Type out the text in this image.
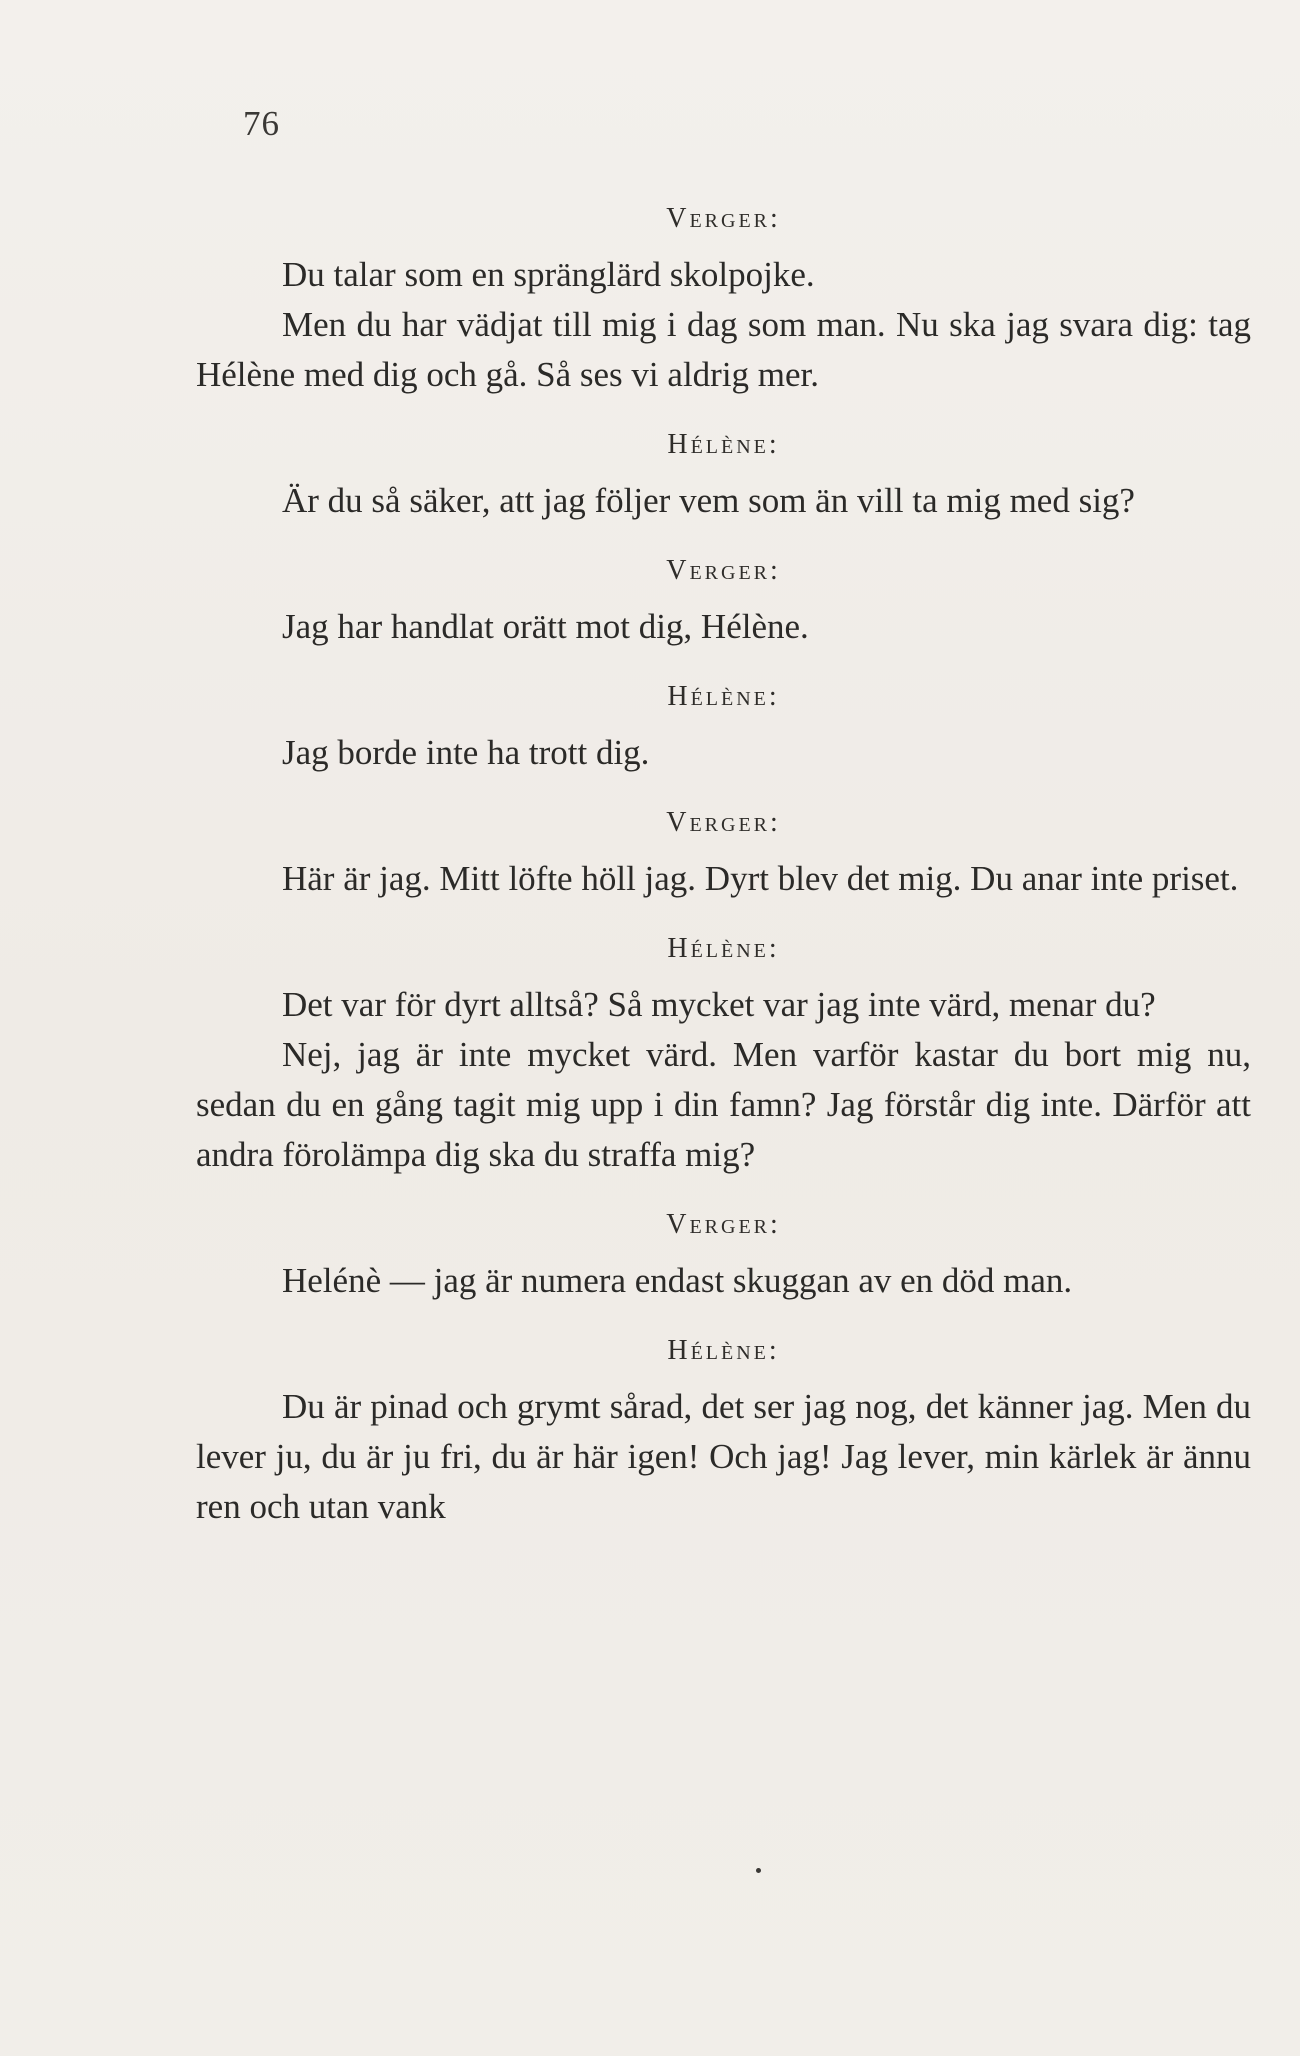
76
Verger:

Du talar som en spränglärd skolpojke.

Men du har vädjat till mig i dag som man. Nu ska jag svara dig: tag Hélène med dig och gå. Så ses vi aldrig mer.

Hélène:

Är du så säker, att jag följer vem som än vill ta mig med sig?

Verger:

Jag har handlat orätt mot dig, Hélène.

Hélène:

Jag borde inte ha trott dig.

Verger:

Här är jag. Mitt löfte höll jag. Dyrt blev det mig. Du anar inte priset.

Hélène:

Det var för dyrt alltså? Så mycket var jag inte värd, menar du?

Nej, jag är inte mycket värd. Men varför kastar du bort mig nu, sedan du en gång tagit mig upp i din famn? Jag förstår dig inte. Därför att andra förolämpa dig ska du straffa mig?

Verger:

Helénè — jag är numera endast skuggan av en död man.

Hélène:

Du är pinad och grymt sårad, det ser jag nog, det känner jag. Men du lever ju, du är ju fri, du är här igen! Och jag! Jag lever, min kärlek är ännu ren och utan vank
